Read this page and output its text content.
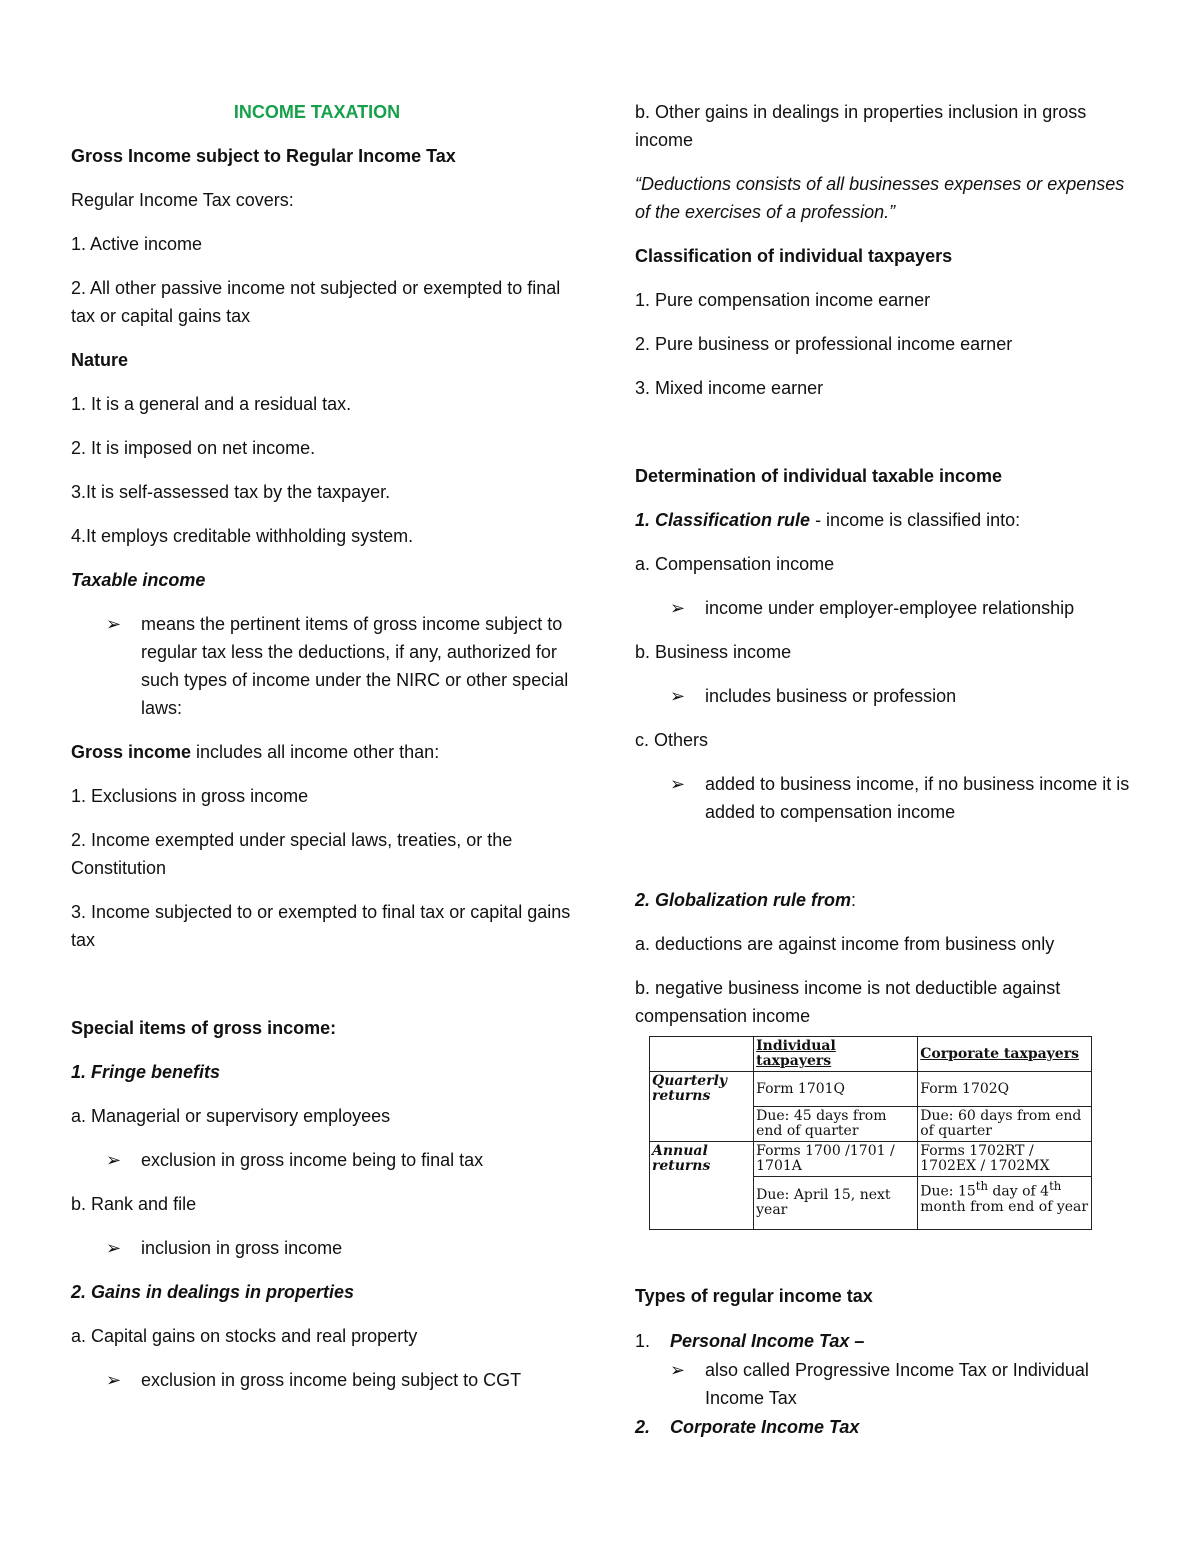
INCOME TAXATION

Gross Income subject to Regular Income Tax

Regular Income Tax covers:

1. Active income

2. All other passive income not subjected or exempted to final tax or capital gains tax

Nature

1. It is a general and a residual tax.

2. It is imposed on net income.

3.It is self-assessed tax by the taxpayer.

4.It employs creditable withholding system.

Taxable income

➢ means the pertinent items of gross income subject to regular tax less the deductions, if any, authorized for such types of income under the NIRC or other special laws:

Gross income includes all income other than:

1. Exclusions in gross income

2. Income exempted under special laws, treaties, or the Constitution

3. Income subjected to or exempted to final tax or capital gains tax

Special items of gross income:

1. Fringe benefits

a. Managerial or supervisory employees

➢ exclusion in gross income being to final tax

b. Rank and file

➢ inclusion in gross income

2. Gains in dealings in properties

a. Capital gains on stocks and real property

➢ exclusion in gross income being subject to CGT

b. Other gains in dealings in properties inclusion in gross income

“Deductions consists of all businesses expenses or expenses of the exercises of a profession.”

Classification of individual taxpayers

1. Pure compensation income earner

2. Pure business or professional income earner

3. Mixed income earner

Determination of individual taxable income

1. Classification rule - income is classified into:

a. Compensation income

➢ income under employer-employee relationship

b. Business income

➢ includes business or profession

c. Others

➢ added to business income, if no business income it is added to compensation income

2. Globalization rule from:

a. deductions are against income from business only

b. negative business income is not deductible against compensation income

	Individual taxpayers	Corporate taxpayers
Quarterly returns	Form 1701Q	Form 1702Q
	Due: 45 days from end of quarter	Due: 60 days from end of quarter
Annual returns	Forms 1700 /1701 / 1701A	Forms 1702RT / 1702EX / 1702MX
	Due: April 15, next year	Due: 15th day of 4th month from end of year

Types of regular income tax

1. Personal Income Tax –

➢ also called Progressive Income Tax or Individual Income Tax

2. Corporate Income Tax
